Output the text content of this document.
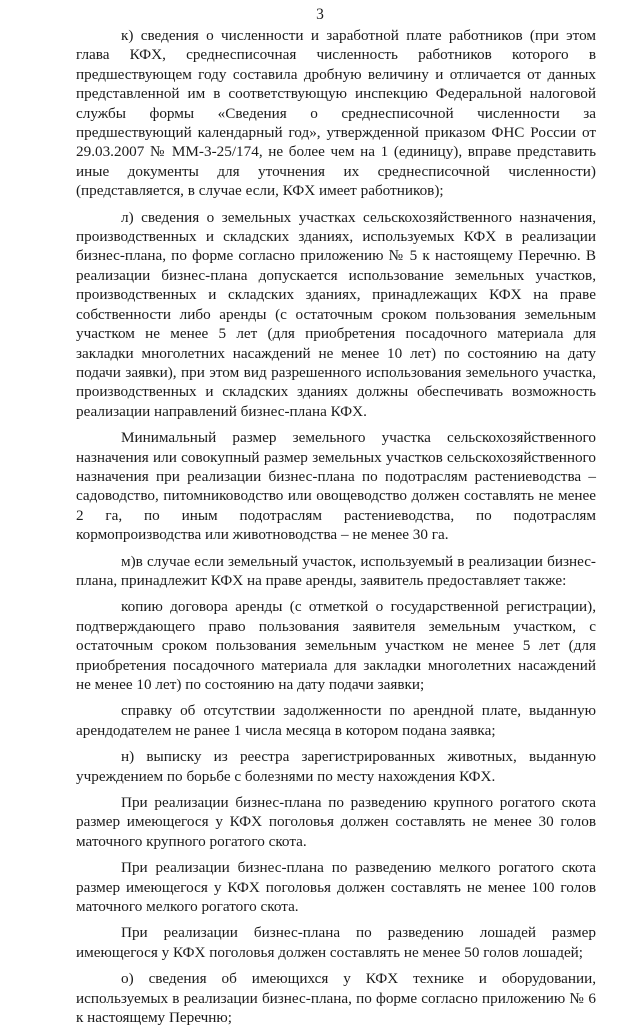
3

к) сведения о численности и заработной плате работников (при этом глава КФХ, среднесписочная численность работников которого в предшествующем году составила дробную величину и отличается от данных представленной им в соответствующую инспекцию Федеральной налоговой службы формы «Сведения о среднесписочной численности за предшествующий календарный год», утвержденной приказом ФНС России от 29.03.2007 № ММ-3-25/174, не более чем на 1 (единицу), вправе представить иные документы для уточнения их среднесписочной численности) (представляется, в случае если, КФХ имеет работников);

л) сведения о земельных участках сельскохозяйственного назначения, производственных и складских зданиях, используемых КФХ в реализации бизнес-плана, по форме согласно приложению № 5 к настоящему Перечню. В реализации бизнес-плана допускается использование земельных участков, производственных и складских зданиях, принадлежащих КФХ на праве собственности либо аренды (с остаточным сроком пользования земельным участком не менее 5 лет (для приобретения посадочного материала для закладки многолетних насаждений не менее 10 лет) по состоянию на дату подачи заявки), при этом вид разрешенного использования земельного участка, производственных и складских зданиях должны обеспечивать возможность реализации направлений бизнес-плана КФХ.

Минимальный размер земельного участка сельскохозяйственного назначения или совокупный размер земельных участков сельскохозяйственного назначения при реализации бизнес-плана по подотраслям растениеводства – садоводство, питомниководство или овощеводство должен составлять не менее 2 га, по иным подотраслям растениеводства, по подотраслям кормопроизводства или животноводства – не менее 30 га.

м)в случае если земельный участок, используемый в реализации бизнес-плана, принадлежит КФХ на праве аренды, заявитель предоставляет также:

копию договора аренды (с отметкой о государственной регистрации), подтверждающего право пользования заявителя земельным участком, с остаточным сроком пользования земельным участком не менее 5 лет (для приобретения посадочного материала для закладки многолетних насаждений не менее 10 лет) по состоянию на дату подачи заявки;

справку об отсутствии задолженности по арендной плате, выданную арендодателем не ранее 1 числа месяца в котором подана заявка;

н) выписку из реестра зарегистрированных животных, выданную учреждением по борьбе с болезнями по месту нахождения КФХ.

При реализации бизнес-плана по разведению крупного рогатого скота размер имеющегося у КФХ поголовья должен составлять не менее 30 голов маточного крупного рогатого скота.

При реализации бизнес-плана по разведению мелкого рогатого скота размер имеющегося у КФХ поголовья должен составлять не менее 100 голов маточного мелкого рогатого скота.

При реализации бизнес-плана по разведению лошадей размер имеющегося у КФХ поголовья должен составлять не менее 50 голов лошадей;

о) сведения об имеющихся у КФХ технике и оборудовании, используемых в реализации бизнес-плана, по форме согласно приложению № 6 к настоящему Перечню;
